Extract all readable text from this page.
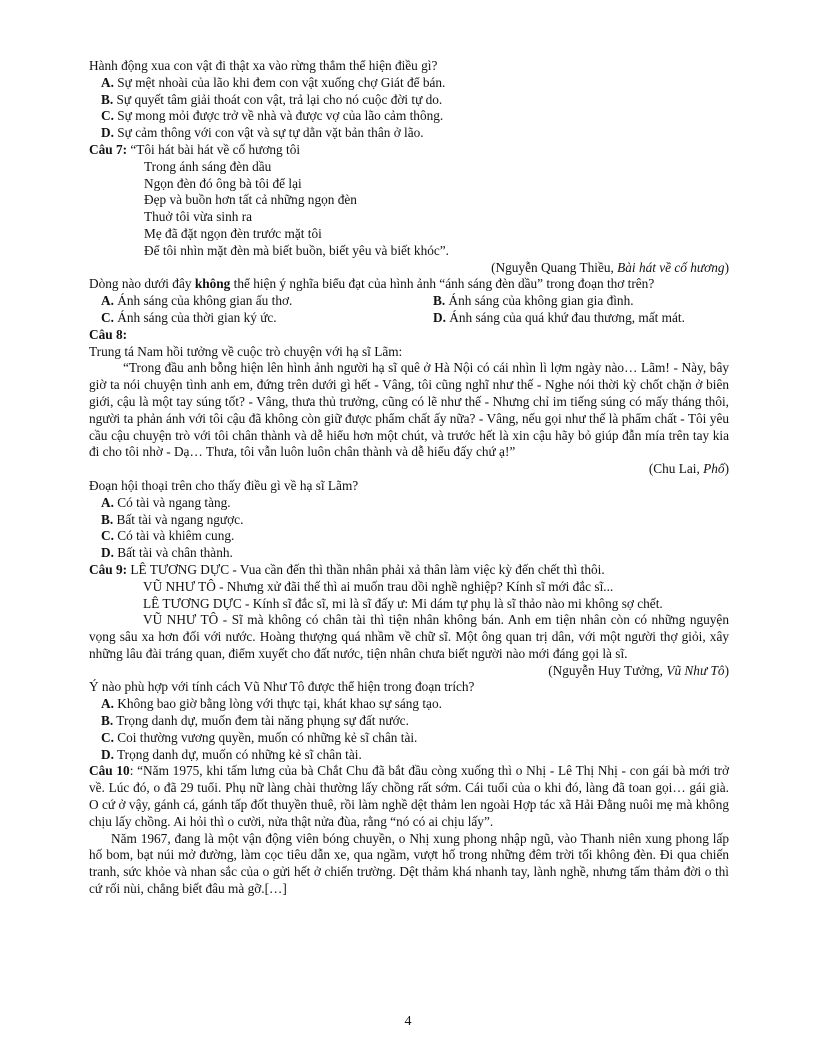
Hành động xua con vật đi thật xa vào rừng thẳm thể hiện điều gì?

A. Sự mệt nhoài của lão khi đem con vật xuống chợ Giát để bán.

B. Sự quyết tâm giải thoát con vật, trả lại cho nó cuộc đời tự do.

C. Sự mong mỏi được trở về nhà và được vợ của lão cảm thông.

D. Sự cảm thông với con vật và sự tự dằn vặt bản thân ở lão.

Câu 7: “Tôi hát bài hát về cố hương tôi

Trong ánh sáng đèn dầu

Ngọn đèn đó ông bà tôi để lại

Đẹp và buồn hơn tất cả những ngọn đèn

Thuở tôi vừa sinh ra

Mẹ đã đặt ngọn đèn trước mặt tôi

Để tôi nhìn mặt đèn mà biết buồn, biết yêu và biết khóc”.

(Nguyễn Quang Thiều, Bài hát về cố hương)

Dòng nào dưới đây không thể hiện ý nghĩa biểu đạt của hình ảnh “ánh sáng đèn dầu” trong đoạn thơ trên?

A. Ánh sáng của không gian ấu thơ.	B. Ánh sáng của không gian gia đình.
C. Ánh sáng của thời gian ký ức.	D. Ánh sáng của quá khứ đau thương, mất mát.

Câu 8:

Trung tá Nam hồi tưởng về cuộc trò chuyện với hạ sĩ Lãm:

“Trong đầu anh bỗng hiện lên hình ảnh người hạ sĩ quê ở Hà Nội có cái nhìn lì lợm ngày nào… Lãm! - Này, bây giờ ta nói chuyện tình anh em, đứng trên dưới gì hết - Vâng, tôi cũng nghĩ như thế - Nghe nói thời kỳ chốt chặn ở biên giới, cậu là một tay súng tốt? - Vâng, thưa thủ trưởng, cũng có lẽ như thế - Nhưng chỉ im tiếng súng có mấy tháng thôi, người ta phản ánh với tôi cậu đã không còn giữ được phẩm chất ấy nữa? - Vâng, nếu gọi như thế là phẩm chất - Tôi yêu cầu cậu chuyện trò với tôi chân thành và dễ hiểu hơn một chút, và trước hết là xin cậu hãy bỏ giúp đẫn mía trên tay kia đi cho tôi nhờ - Dạ… Thưa, tôi vẫn luôn luôn chân thành và dễ hiểu đấy chứ ạ!”

(Chu Lai, Phố)

Đoạn hội thoại trên cho thấy điều gì về hạ sĩ Lãm?

A. Có tài và ngang tàng.

B. Bất tài và ngang ngược.

C. Có tài và khiêm cung.

D. Bất tài và chân thành.

Câu 9: LÊ TƯƠNG DỰC - Vua cần đến thì thần nhân phải xả thân làm việc kỳ đến chết thì thôi.

VŨ NHƯ TÔ - Nhưng xử đãi thế thì ai muốn trau dồi nghề nghiệp? Kính sĩ mới đắc sĩ...

LÊ TƯƠNG DỰC - Kính sĩ đắc sĩ, mi là sĩ đấy ư: Mi dám tự phụ là sĩ thảo nào mi không sợ chết.

VŨ NHƯ TÔ - Sĩ mà không có chân tài thì tiện nhân không bán. Anh em tiện nhân còn có những nguyện vọng sâu xa hơn đối với nước. Hoàng thượng quá nhầm về chữ sĩ. Một ông quan trị dân, với một người thợ giỏi, xây những lâu đài tráng quan, điểm xuyết cho đất nước, tiện nhân chưa biết người nào mới đáng gọi là sĩ.

(Nguyễn Huy Tưởng, Vũ Như Tô)

Ý nào phù hợp với tính cách Vũ Như Tô được thể hiện trong đoạn trích?

A. Không bao giờ bằng lòng với thực tại, khát khao sự sáng tạo.

B. Trọng danh dự, muốn đem tài năng phụng sự đất nước.

C. Coi thường vương quyền, muốn có những kẻ sĩ chân tài.

D. Trọng danh dự, muốn có những kẻ sĩ chân tài.

Câu 10: “Năm 1975, khi tấm lưng của bà Chắt Chu đã bắt đầu còng xuống thì o Nhị - Lê Thị Nhị - con gái bà mới trở về. Lúc đó, o đã 29 tuổi. Phụ nữ làng chài thường lấy chồng rất sớm. Cái tuổi của o khi đó, làng đã toan gọi… gái già. O cứ ở vậy, gánh cá, gánh tấp đốt thuyền thuê, rồi làm nghề dệt thảm len ngoài Hợp tác xã Hải Đằng nuôi mẹ mà không chịu lấy chồng. Ai hỏi thì o cười, nửa thật nửa đùa, rằng “nó có ai chịu lấy”.

Năm 1967, đang là một vận động viên bóng chuyền, o Nhị xung phong nhập ngũ, vào Thanh niên xung phong lấp hố bom, bạt núi mở đường, làm cọc tiêu dẫn xe, qua ngầm, vượt hố trong những đêm trời tối không đèn. Đi qua chiến tranh, sức khỏe và nhan sắc của o gửi hết ở chiến trường. Dệt thảm khá nhanh tay, lành nghề, nhưng tấm thảm đời o thì cứ rối nùi, chẳng biết đâu mà gỡ.[…]

4
